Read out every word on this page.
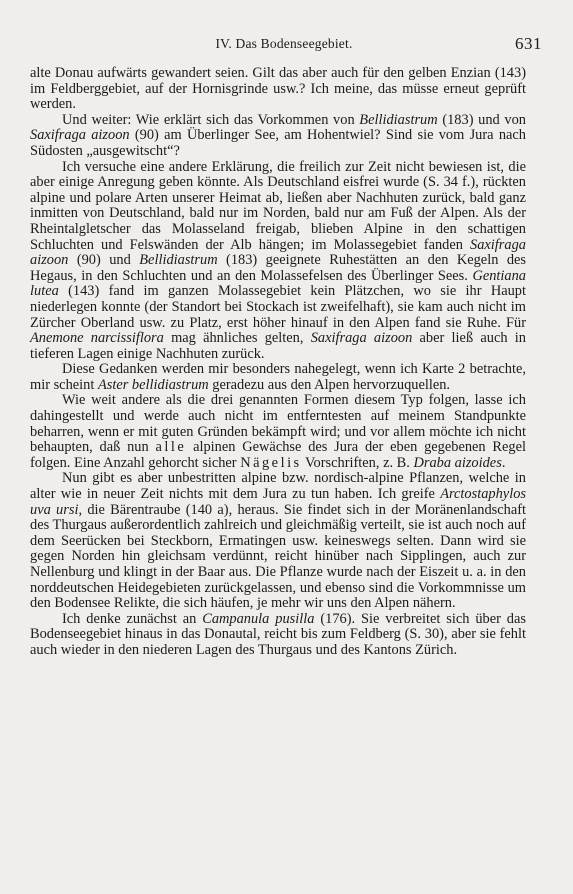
IV. Das Bodenseegebiet.	631

alte Donau aufwärts gewandert seien. Gilt das aber auch für den gelben Enzian (143) im Feldberggebiet, auf der Hornisgrinde usw.? Ich meine, das müsse erneut geprüft werden.

Und weiter: Wie erklärt sich das Vorkommen von Bellidiastrum (183) und von Saxifraga aizoon (90) am Überlinger See, am Hohentwiel? Sind sie vom Jura nach Südosten „ausgewitscht“?

Ich versuche eine andere Erklärung, die freilich zur Zeit nicht bewiesen ist, die aber einige Anregung geben könnte. Als Deutschland eisfrei wurde (S. 34 f.), rückten alpine und polare Arten unserer Heimat ab, ließen aber Nachhuten zurück, bald ganz inmitten von Deutschland, bald nur im Norden, bald nur am Fuß der Alpen. Als der Rheintalgletscher das Molasseland freigab, blieben Alpine in den schattigen Schluchten und Felswänden der Alb hängen; im Molassegebiet fanden Saxifraga aizoon (90) und Bellidiastrum (183) geeignete Ruhestätten an den Kegeln des Hegaus, in den Schluchten und an den Molassefelsen des Überlinger Sees. Gentiana lutea (143) fand im ganzen Molassegebiet kein Plätzchen, wo sie ihr Haupt niederlegen konnte (der Standort bei Stockach ist zweifelhaft), sie kam auch nicht im Zürcher Oberland usw. zu Platz, erst höher hinauf in den Alpen fand sie Ruhe. Für Anemone narcissiflora mag ähnliches gelten, Saxifraga aizoon aber ließ auch in tieferen Lagen einige Nachhuten zurück.

Diese Gedanken werden mir besonders nahegelegt, wenn ich Karte 2 betrachte, mir scheint Aster bellidiastrum geradezu aus den Alpen hervorzuquellen.

Wie weit andere als die drei genannten Formen diesem Typ folgen, lasse ich dahingestellt und werde auch nicht im entferntesten auf meinem Standpunkte beharren, wenn er mit guten Gründen bekämpft wird; und vor allem möchte ich nicht behaupten, daß nun alle alpinen Gewächse des Jura der eben gegebenen Regel folgen. Eine Anzahl gehorcht sicher Nägelis Vorschriften, z. B. Draba aizoides.

Nun gibt es aber unbestritten alpine bzw. nordisch-alpine Pflanzen, welche in alter wie in neuer Zeit nichts mit dem Jura zu tun haben. Ich greife Arctostaphylos uva ursi, die Bärentraube (140 a), heraus. Sie findet sich in der Moränenlandschaft des Thurgaus außerordentlich zahlreich und gleichmäßig verteilt, sie ist auch noch auf dem Seerücken bei Steckborn, Ermatingen usw. keineswegs selten. Dann wird sie gegen Norden hin gleichsam verdünnt, reicht hinüber nach Sipplingen, auch zur Nellenburg und klingt in der Baar aus. Die Pflanze wurde nach der Eiszeit u. a. in den norddeutschen Heidegebieten zurückgelassen, und ebenso sind die Vorkommnisse um den Bodensee Relikte, die sich häufen, je mehr wir uns den Alpen nähern.

Ich denke zunächst an Campanula pusilla (176). Sie verbreitet sich über das Bodenseegebiet hinaus in das Donautal, reicht bis zum Feldberg (S. 30), aber sie fehlt auch wieder in den niederen Lagen des Thurgaus und des Kantons Zürich.
